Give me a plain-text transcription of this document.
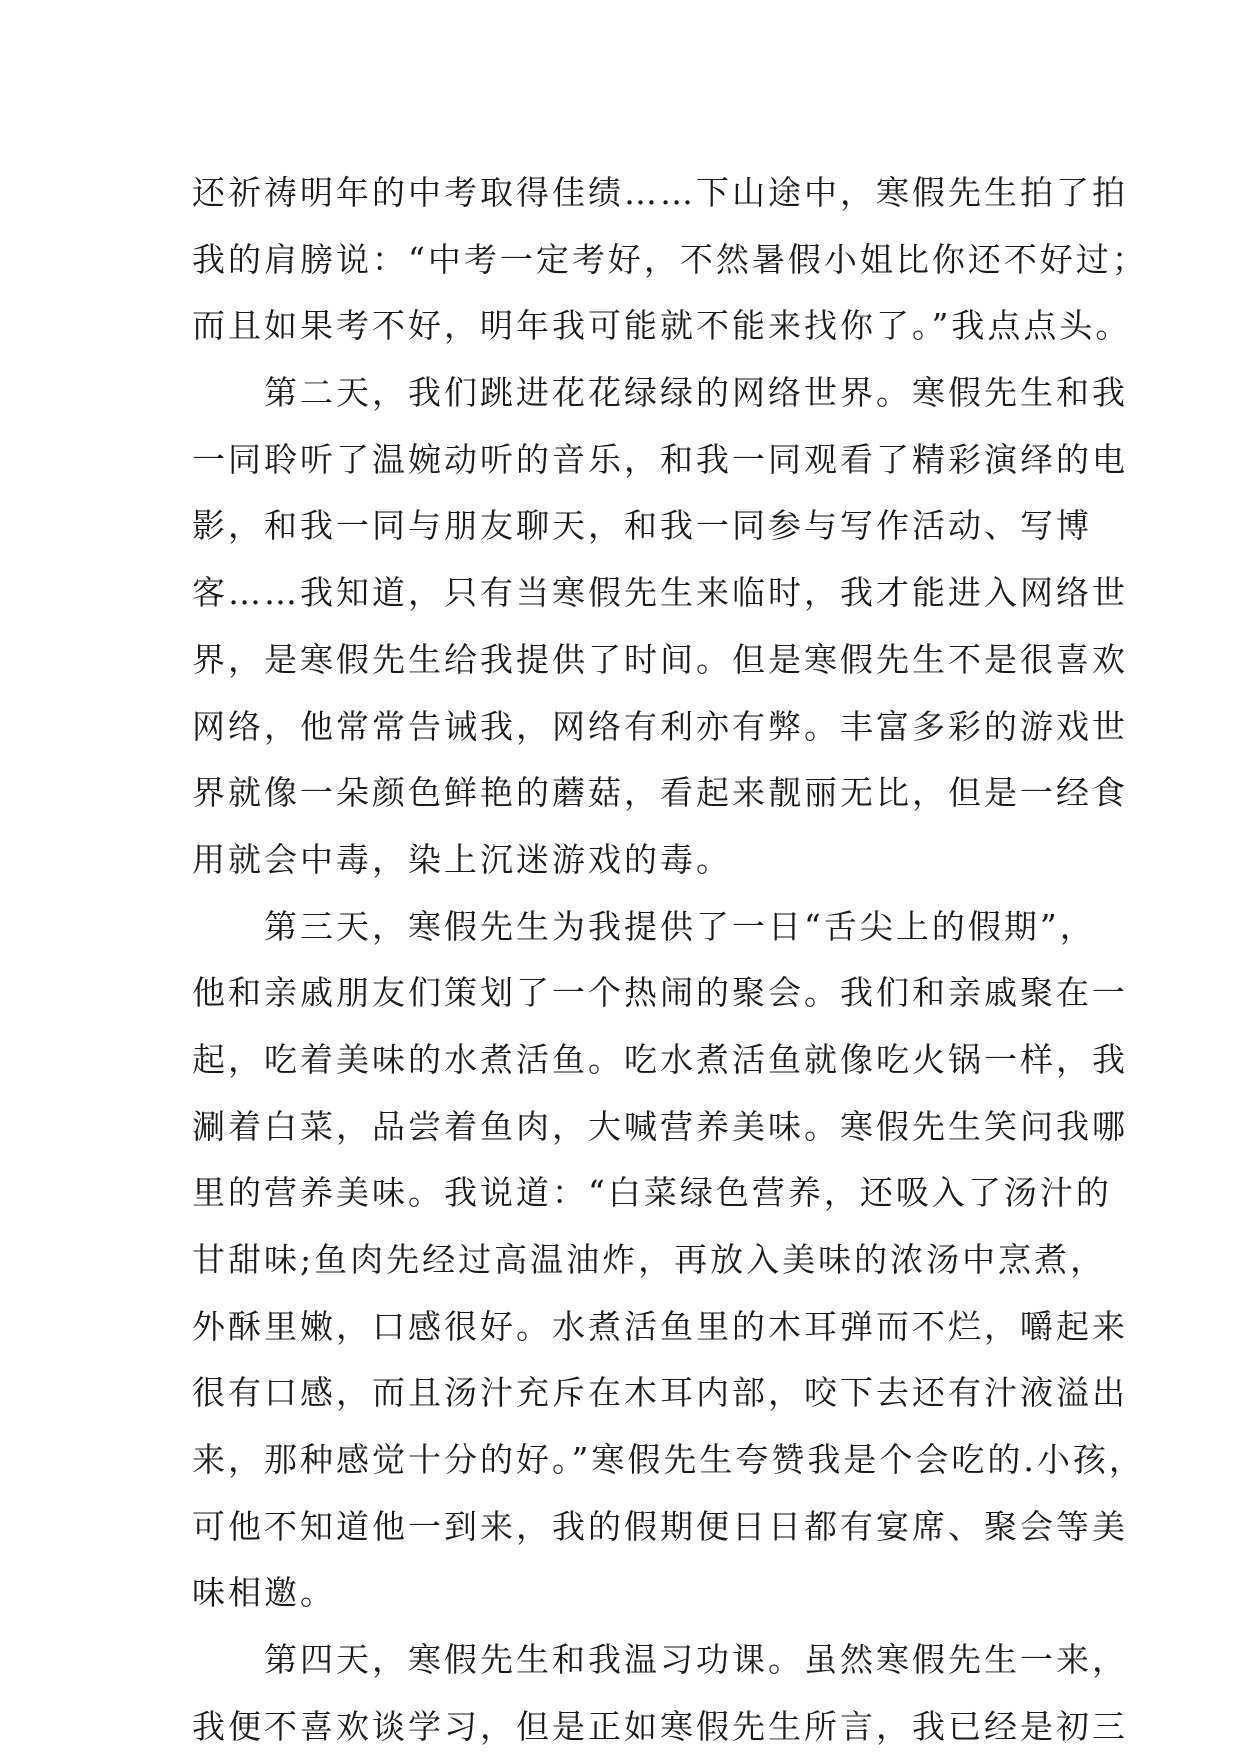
还祈祷明年的中考取得佳绩……下山途中，寒假先生拍了拍
我的肩膀说：“中考一定考好，不然暑假小姐比你还不好过；
而且如果考不好，明年我可能就不能来找你了。”我点点头。
　　第二天，我们跳进花花绿绿的网络世界。寒假先生和我
一同聆听了温婉动听的音乐，和我一同观看了精彩演绎的电
影，和我一同与朋友聊天，和我一同参与写作活动、写博
客……我知道，只有当寒假先生来临时，我才能进入网络世
界，是寒假先生给我提供了时间。但是寒假先生不是很喜欢
网络，他常常告诫我，网络有利亦有弊。丰富多彩的游戏世
界就像一朵颜色鲜艳的蘑菇，看起来靓丽无比，但是一经食
用就会中毒，染上沉迷游戏的毒。
　　第三天，寒假先生为我提供了一日“舌尖上的假期”，
他和亲戚朋友们策划了一个热闹的聚会。我们和亲戚聚在一
起，吃着美味的水煮活鱼。吃水煮活鱼就像吃火锅一样，我
涮着白菜，品尝着鱼肉，大喊营养美味。寒假先生笑问我哪
里的营养美味。我说道：“白菜绿色营养，还吸入了汤汁的
甘甜味;鱼肉先经过高温油炸，再放入美味的浓汤中烹煮，
外酥里嫩，口感很好。水煮活鱼里的木耳弹而不烂，嚼起来
很有口感，而且汤汁充斥在木耳内部，咬下去还有汁液溢出
来，那种感觉十分的好。”寒假先生夸赞我是个会吃的.小孩，
可他不知道他一到来，我的假期便日日都有宴席、聚会等美
味相邀。
　　第四天，寒假先生和我温习功课。虽然寒假先生一来，
我便不喜欢谈学习，但是正如寒假先生所言，我已经是初三
